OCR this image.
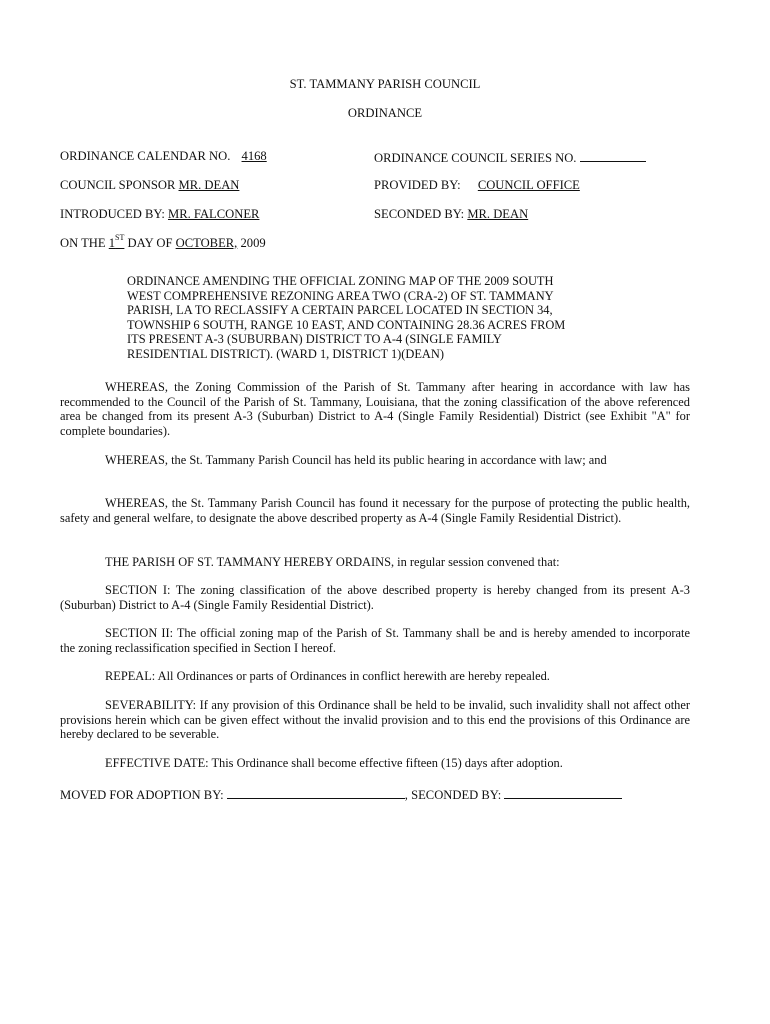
ST. TAMMANY PARISH COUNCIL
ORDINANCE
ORDINANCE CALENDAR NO. 4168	ORDINANCE COUNCIL SERIES NO.
COUNCIL SPONSOR MR. DEAN	PROVIDED BY: COUNCIL OFFICE
INTRODUCED BY: MR. FALCONER	SECONDED BY: MR. DEAN
ON THE 1ST DAY OF OCTOBER, 2009
ORDINANCE AMENDING THE OFFICIAL ZONING MAP OF THE 2009 SOUTH
WEST COMPREHENSIVE REZONING AREA TWO (CRA-2) OF ST. TAMMANY
PARISH, LA TO RECLASSIFY A CERTAIN PARCEL LOCATED IN SECTION 34,
TOWNSHIP 6 SOUTH, RANGE 10 EAST, AND CONTAINING 28.36 ACRES FROM
ITS PRESENT A-3 (SUBURBAN) DISTRICT TO A-4 (SINGLE FAMILY
RESIDENTIAL DISTRICT). (WARD 1, DISTRICT 1)(DEAN)
WHEREAS, the Zoning Commission of the Parish of St. Tammany after hearing in accordance with law has recommended to the Council of the Parish of St. Tammany, Louisiana, that the zoning classification of the above referenced area be changed from its present A-3 (Suburban) District to A-4 (Single Family Residential) District (see Exhibit "A" for complete boundaries).
WHEREAS, the St. Tammany Parish Council has held its public hearing in accordance with law; and
WHEREAS, the St. Tammany Parish Council has found it necessary for the purpose of protecting the public health, safety and general welfare, to designate the above described property as A-4 (Single Family Residential District).
THE PARISH OF ST. TAMMANY HEREBY ORDAINS, in regular session convened that:
SECTION I: The zoning classification of the above described property is hereby changed from its present A-3 (Suburban) District to A-4 (Single Family Residential District).
SECTION II: The official zoning map of the Parish of St. Tammany shall be and is hereby amended to incorporate the zoning reclassification specified in Section I hereof.
REPEAL: All Ordinances or parts of Ordinances in conflict herewith are hereby repealed.
SEVERABILITY: If any provision of this Ordinance shall be held to be invalid, such invalidity shall not affect other provisions herein which can be given effect without the invalid provision and to this end the provisions of this Ordinance are hereby declared to be severable.
EFFECTIVE DATE: This Ordinance shall become effective fifteen (15) days after adoption.
MOVED FOR ADOPTION BY:	, SECONDED BY:
